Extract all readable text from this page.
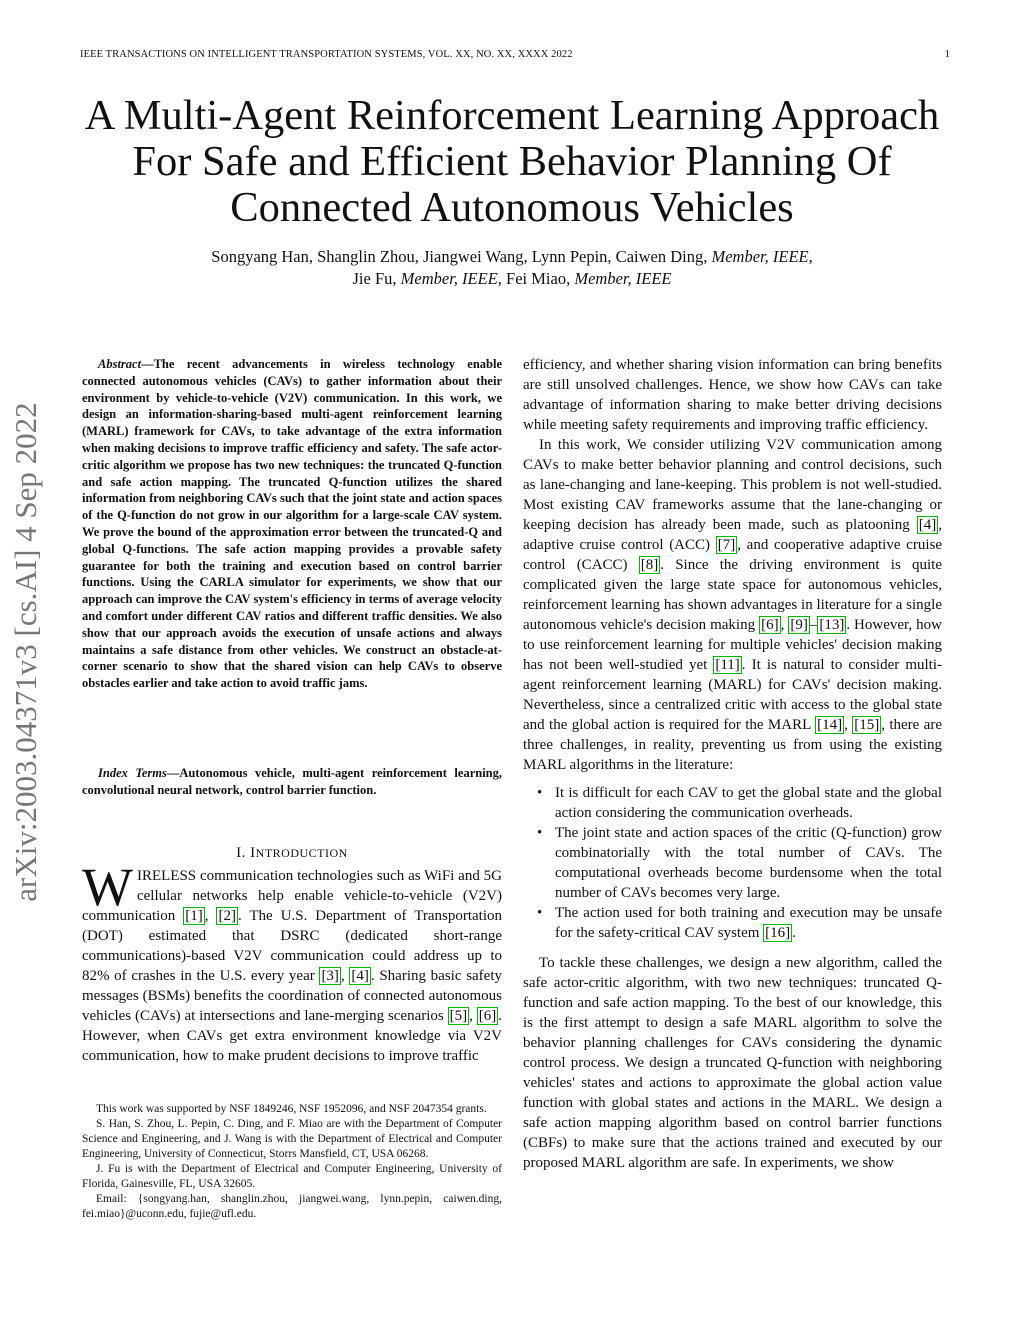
IEEE TRANSACTIONS ON INTELLIGENT TRANSPORTATION SYSTEMS, VOL. XX, NO. XX, XXXX 2022	1
A Multi-Agent Reinforcement Learning Approach
For Safe and Efficient Behavior Planning Of
Connected Autonomous Vehicles
Songyang Han, Shanglin Zhou, Jiangwei Wang, Lynn Pepin, Caiwen Ding, Member, IEEE,
Jie Fu, Member, IEEE, Fei Miao, Member, IEEE
arXiv:2003.04371v3 [cs.AI] 4 Sep 2022
Abstract—The recent advancements in wireless technology enable connected autonomous vehicles (CAVs) to gather information about their environment by vehicle-to-vehicle (V2V) communication. In this work, we design an information-sharing-based multi-agent reinforcement learning (MARL) framework for CAVs, to take advantage of the extra information when making decisions to improve traffic efficiency and safety. The safe actor-critic algorithm we propose has two new techniques: the truncated Q-function and safe action mapping. The truncated Q-function utilizes the shared information from neighboring CAVs such that the joint state and action spaces of the Q-function do not grow in our algorithm for a large-scale CAV system. We prove the bound of the approximation error between the truncated-Q and global Q-functions. The safe action mapping provides a provable safety guarantee for both the training and execution based on control barrier functions. Using the CARLA simulator for experiments, we show that our approach can improve the CAV system's efficiency in terms of average velocity and comfort under different CAV ratios and different traffic densities. We also show that our approach avoids the execution of unsafe actions and always maintains a safe distance from other vehicles. We construct an obstacle-at-corner scenario to show that the shared vision can help CAVs to observe obstacles earlier and take action to avoid traffic jams.
Index Terms—Autonomous vehicle, multi-agent reinforcement learning, convolutional neural network, control barrier function.
I. INTRODUCTION
WIRELESS communication technologies such as WiFi and 5G cellular networks help enable vehicle-to-vehicle (V2V) communication [1] , [2] . The U.S. Department of Transportation (DOT) estimated that DSRC (dedicated short-range communications)-based V2V communication could address up to 82% of crashes in the U.S. every year [3] , [4] . Sharing basic safety messages (BSMs) benefits the coordination of connected autonomous vehicles (CAVs) at intersections and lane-merging scenarios [5] , [6] . However, when CAVs get extra environment knowledge via V2V communication, how to make prudent decisions to improve traffic

This work was supported by NSF 1849246, NSF 1952096, and NSF 2047354 grants.

S. Han, S. Zhou, L. Pepin, C. Ding, and F. Miao are with the Department of Computer Science and Engineering, and J. Wang is with the Department of Electrical and Computer Engineering, University of Connecticut, Storrs Mansfield, CT, USA 06268.

J. Fu is with the Department of Electrical and Computer Engineering, University of Florida, Gainesville, FL, USA 32605.

Email: {songyang.han, shanglin.zhou, jiangwei.wang, lynn.pepin, caiwen.ding, fei.miao}@uconn.edu, fujie@ufl.edu.

efficiency, and whether sharing vision information can bring benefits are still unsolved challenges. Hence, we show how CAVs can take advantage of information sharing to make better driving decisions while meeting safety requirements and improving traffic efficiency.

In this work, We consider utilizing V2V communication among CAVs to make better behavior planning and control decisions, such as lane-changing and lane-keeping. This problem is not well-studied. Most existing CAV frameworks assume that the lane-changing or keeping decision has already been made, such as platooning [4] , adaptive cruise control (ACC) [7] , and cooperative adaptive cruise control (CACC) [8] . Since the driving environment is quite complicated given the large state space for autonomous vehicles, reinforcement learning has shown advantages in literature for a single autonomous vehicle's decision making [6] , [9] – [13] . However, how to use reinforcement learning for multiple vehicles' decision making has not been well-studied yet [11] . It is natural to consider multi-agent reinforcement learning (MARL) for CAVs' decision making. Nevertheless, since a centralized critic with access to the global state and the global action is required for the MARL [14] , [15] , there are three challenges, in reality, preventing us from using the existing MARL algorithms in the literature:

• It is difficult for each CAV to get the global state and the global action considering the communication overheads.
• The joint state and action spaces of the critic (Q-function) grow combinatorially with the total number of CAVs. The computational overheads become burdensome when the total number of CAVs becomes very large.
• The action used for both training and execution may be unsafe for the safety-critical CAV system [16] .

To tackle these challenges, we design a new algorithm, called the safe actor-critic algorithm, with two new techniques: truncated Q-function and safe action mapping. To the best of our knowledge, this is the first attempt to design a safe MARL algorithm to solve the behavior planning challenges for CAVs considering the dynamic control process. We design a truncated Q-function with neighboring vehicles' states and actions to approximate the global action value function with global states and actions in the MARL. We design a safe action mapping algorithm based on control barrier functions (CBFs) to make sure that the actions trained and executed by our proposed MARL algorithm are safe. In experiments, we show
